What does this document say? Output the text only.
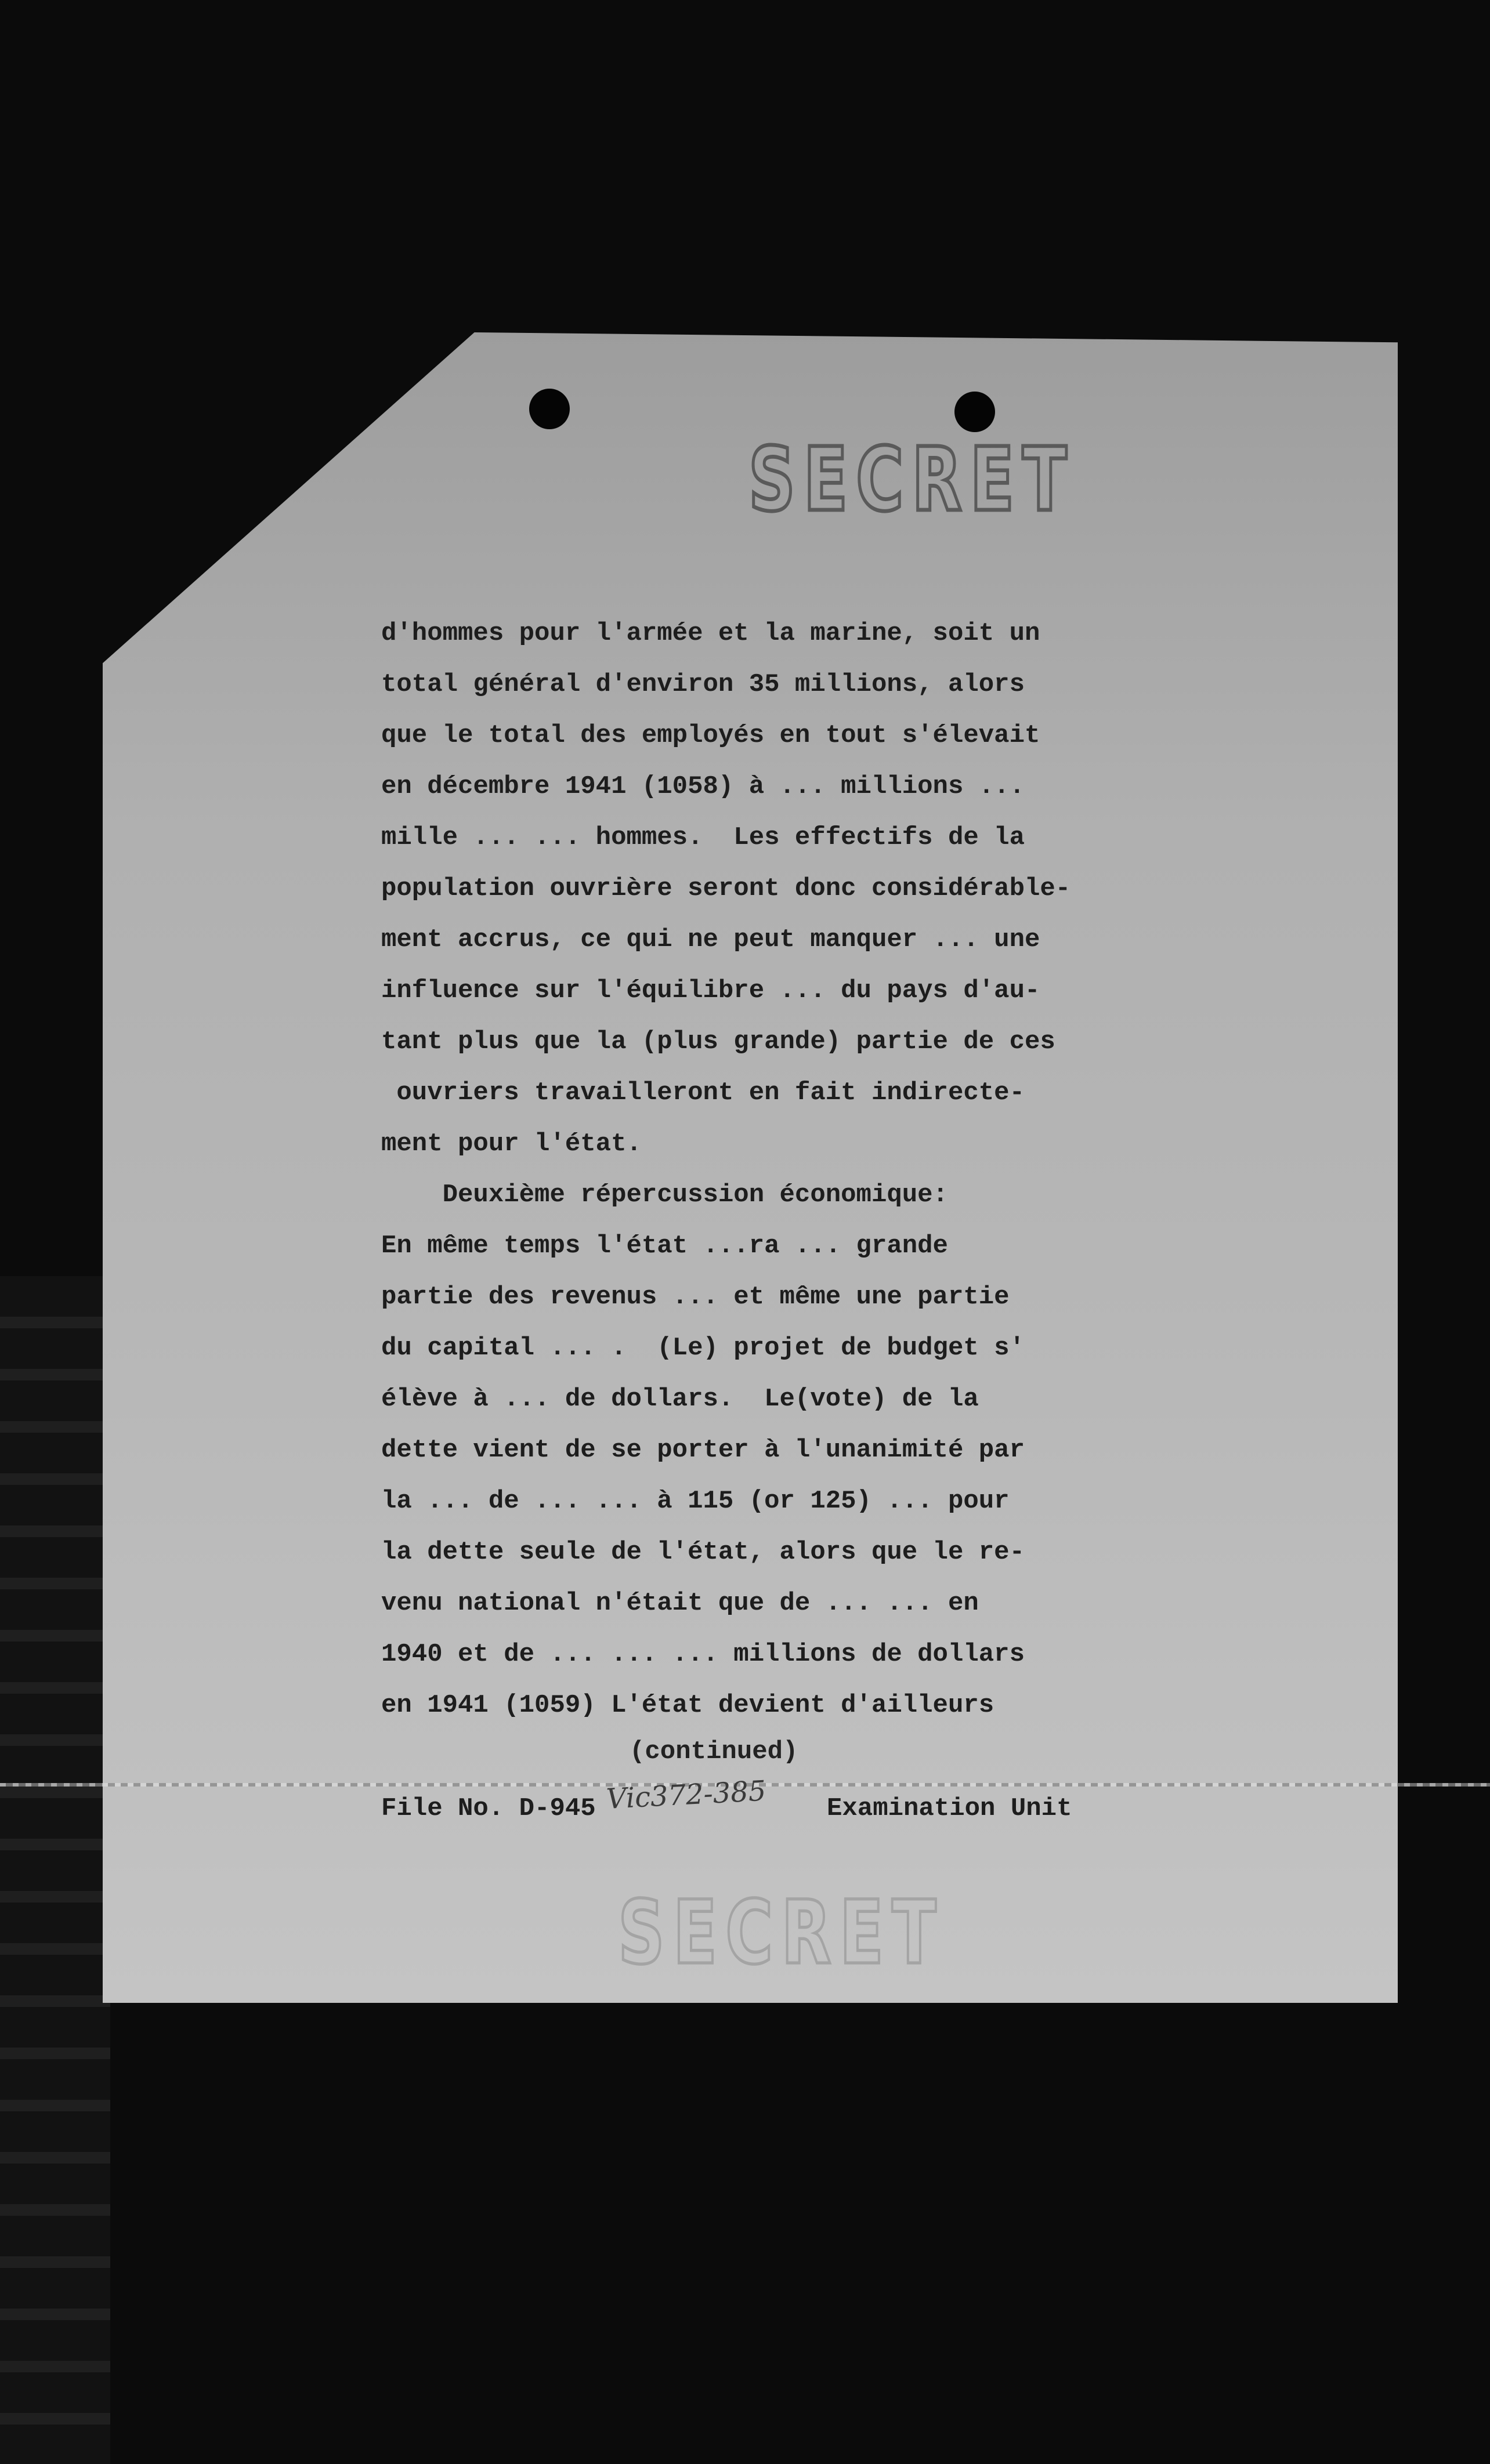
SECRET
d'hommes pour l'armée et la marine, soit un
total général d'environ 35 millions, alors
que le total des employés en tout s'élevait
en décembre 1941 (1058) à ... millions ...
mille ... ... hommes.  Les effectifs de la
population ouvrière seront donc considérable-
ment accrus, ce qui ne peut manquer ... une
influence sur l'équilibre ... du pays d'au-
tant plus que la (plus grande) partie de ces
ouvriers travailleront en fait indirecte-
ment pour l'état.
Deuxième répercussion économique:
En même temps l'état ...ra ... grande
partie des revenus ... et même une partie
du capital ... .  (Le) projet de budget s'
élève à ... de dollars.  Le(vote) de la
dette vient de se porter à l'unanimité par
la ... de ... ... à 115 (or 125) ... pour
la dette seule de l'état, alors que le re-
venu national n'était que de ... ... en
1940 et de ... ... ... millions de dollars
en 1941 (1059) L'état devient d'ailleurs
(continued)
File No. D-945 Vic372-385 Examination Unit
SECRET
